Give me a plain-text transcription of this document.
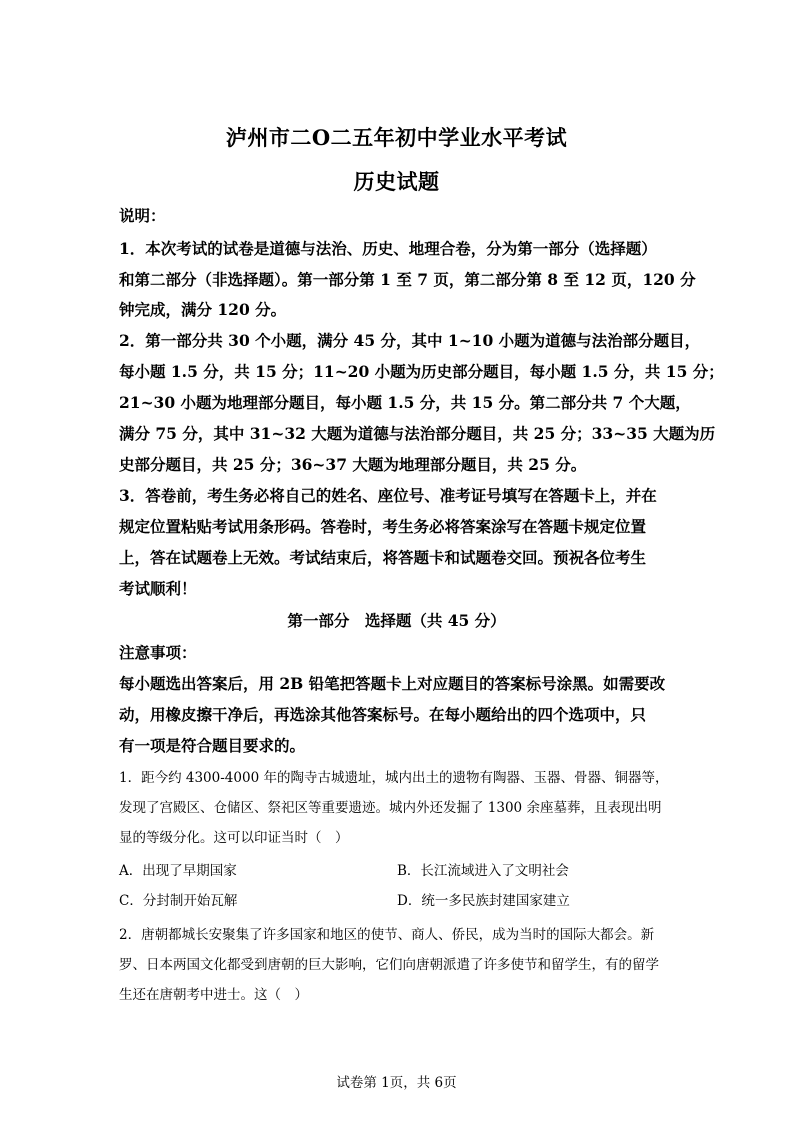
泸州市二O二五年初中学业水平考试
历史试题
说明：
1．本次考试的试卷是道德与法治、历史、地理合卷，分为第一部分（选择题）
和第二部分（非选择题）。第一部分第 1 至 7 页，第二部分第 8 至 12 页，120 分
钟完成，满分 120 分。
2．第一部分共 30 个小题，满分 45 分，其中 1~10 小题为道德与法治部分题目，
每小题 1.5 分，共 15 分；11~20 小题为历史部分题目，每小题 1.5 分，共 15 分；
21~30 小题为地理部分题目，每小题 1.5 分，共 15 分。第二部分共 7 个大题，
满分 75 分，其中 31~32 大题为道德与法治部分题目，共 25 分；33~35 大题为历
史部分题目，共 25 分；36~37 大题为地理部分题目，共 25 分。
3．答卷前，考生务必将自己的姓名、座位号、准考证号填写在答题卡上，并在
规定位置粘贴考试用条形码。答卷时，考生务必将答案涂写在答题卡规定位置
上，答在试题卷上无效。考试结束后，将答题卡和试题卷交回。预祝各位考生
考试顺利！
第一部分　选择题（共 45 分）
注意事项：
每小题选出答案后，用 2B 铅笔把答题卡上对应题目的答案标号涂黑。如需要改
动，用橡皮擦干净后，再选涂其他答案标号。在每小题给出的四个选项中，只
有一项是符合题目要求的。
1．距今约 4300-4000 年的陶寺古城遗址，城内出土的遗物有陶器、玉器、骨器、铜器等，
发现了宫殿区、仓储区、祭祀区等重要遗迹。城内外还发掘了 1300 余座墓葬，且表现出明
显的等级分化。这可以印证当时（　）
A．出现了早期国家	B．长江流域进入了文明社会
C．分封制开始瓦解	D．统一多民族封建国家建立
2．唐朝都城长安聚集了许多国家和地区的使节、商人、侨民，成为当时的国际大都会。新
罗、日本两国文化都受到唐朝的巨大影响，它们向唐朝派遣了许多使节和留学生，有的留学
生还在唐朝考中进士。这（　）
试卷第 1页，共 6页
